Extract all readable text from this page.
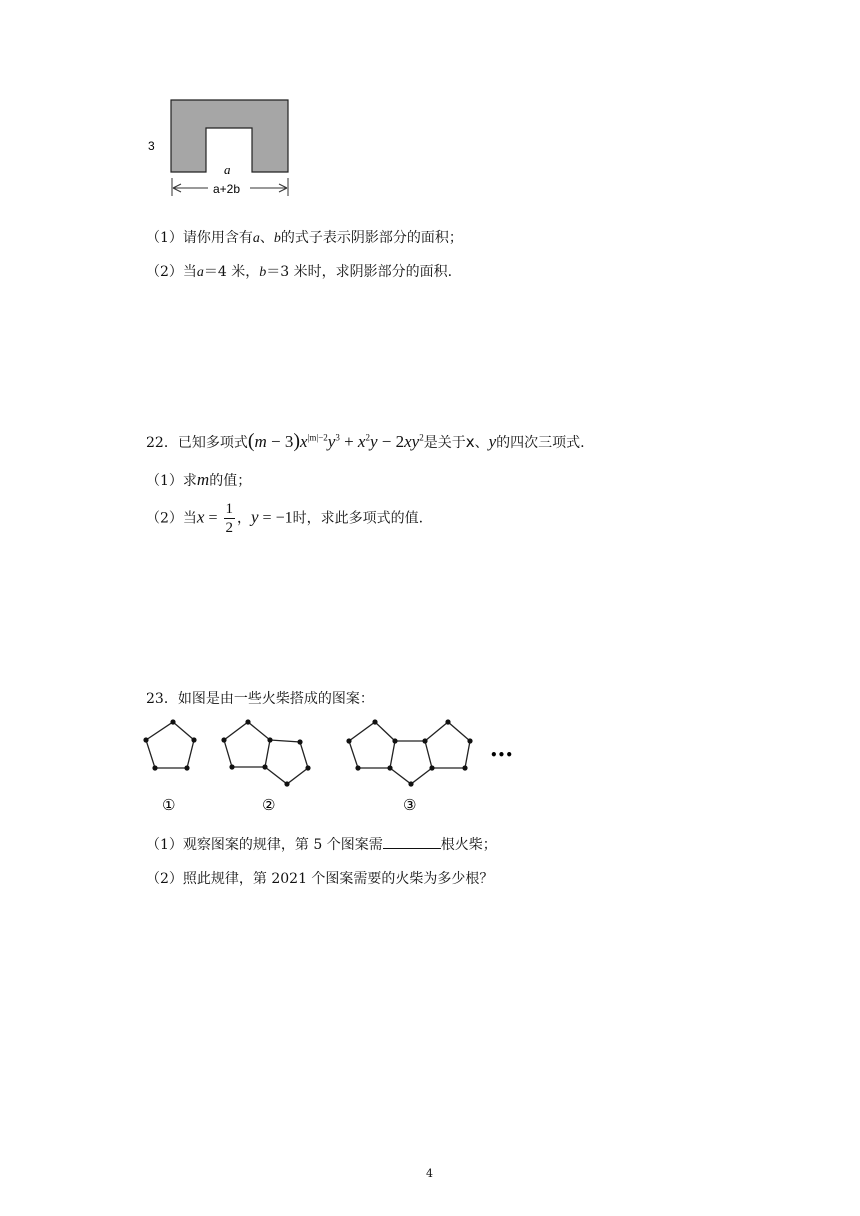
3
a
a+2b
（1）请你用含有a、b的式子表示阴影部分的面积；
（2）当a＝4 米，b＝3 米时，求阴影部分的面积.
22．已知多项式$(m - 3)x^{|m|-2}y^3 + x^2y - 2xy^2$是关于x、y的四次三项式.
（1）求m的值；
（2）当$x = \frac{1}{2}$ ，y = −1时，求此多项式的值.
23．如图是由一些火柴搭成的图案：
•••
①	②	③
（1）观察图案的规律，第 5 个图案需	根火柴；
（2）照此规律，第 2021 个图案需要的火柴为多少根？
4
